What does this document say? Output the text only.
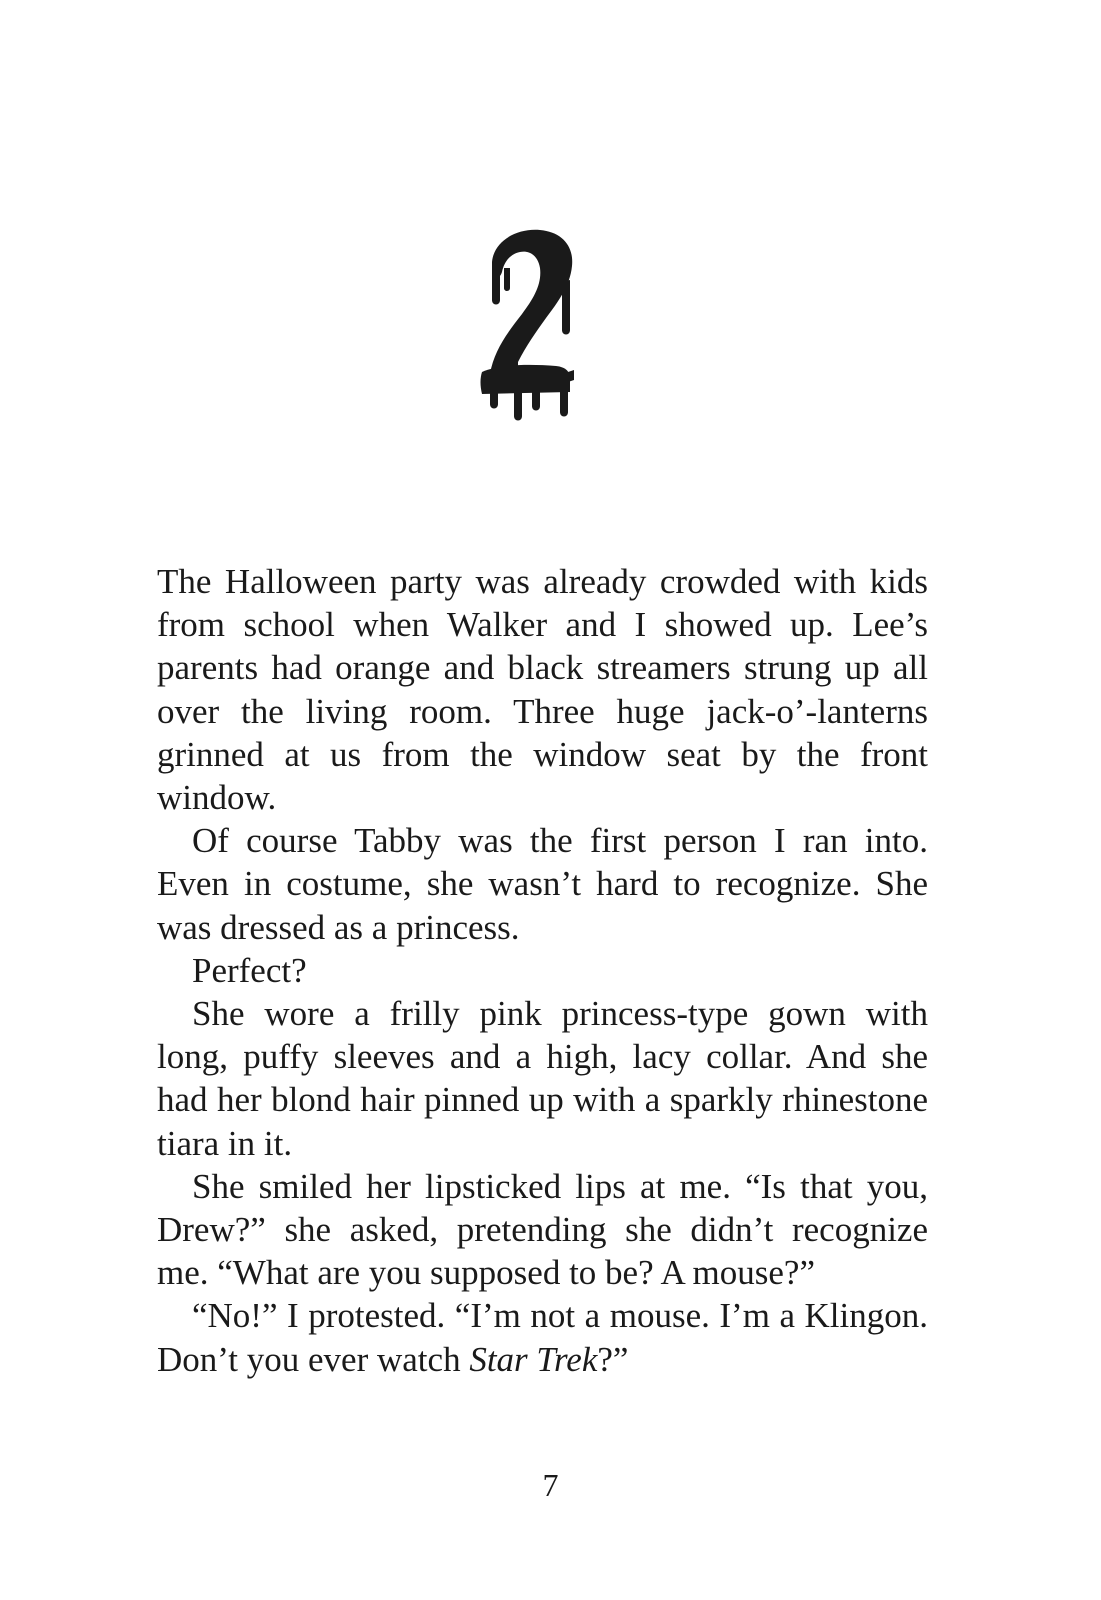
The Halloween party was already crowded with kids from school when Walker and I showed up. Lee’s parents had orange and black streamers strung up all over the living room. Three huge jack-o’-lanterns grinned at us from the window seat by the front window.

Of course Tabby was the first person I ran into. Even in costume, she wasn’t hard to recognize. She was dressed as a princess.

Perfect?

She wore a frilly pink princess-type gown with long, puffy sleeves and a high, lacy collar. And she had her blond hair pinned up with a sparkly rhinestone tiara in it.

She smiled her lipsticked lips at me. “Is that you, Drew?” she asked, pretending she didn’t recognize me. “What are you supposed to be? A mouse?”

“No!” I protested. “I’m not a mouse. I’m a Klingon. Don’t you ever watch Star Trek?”

7
